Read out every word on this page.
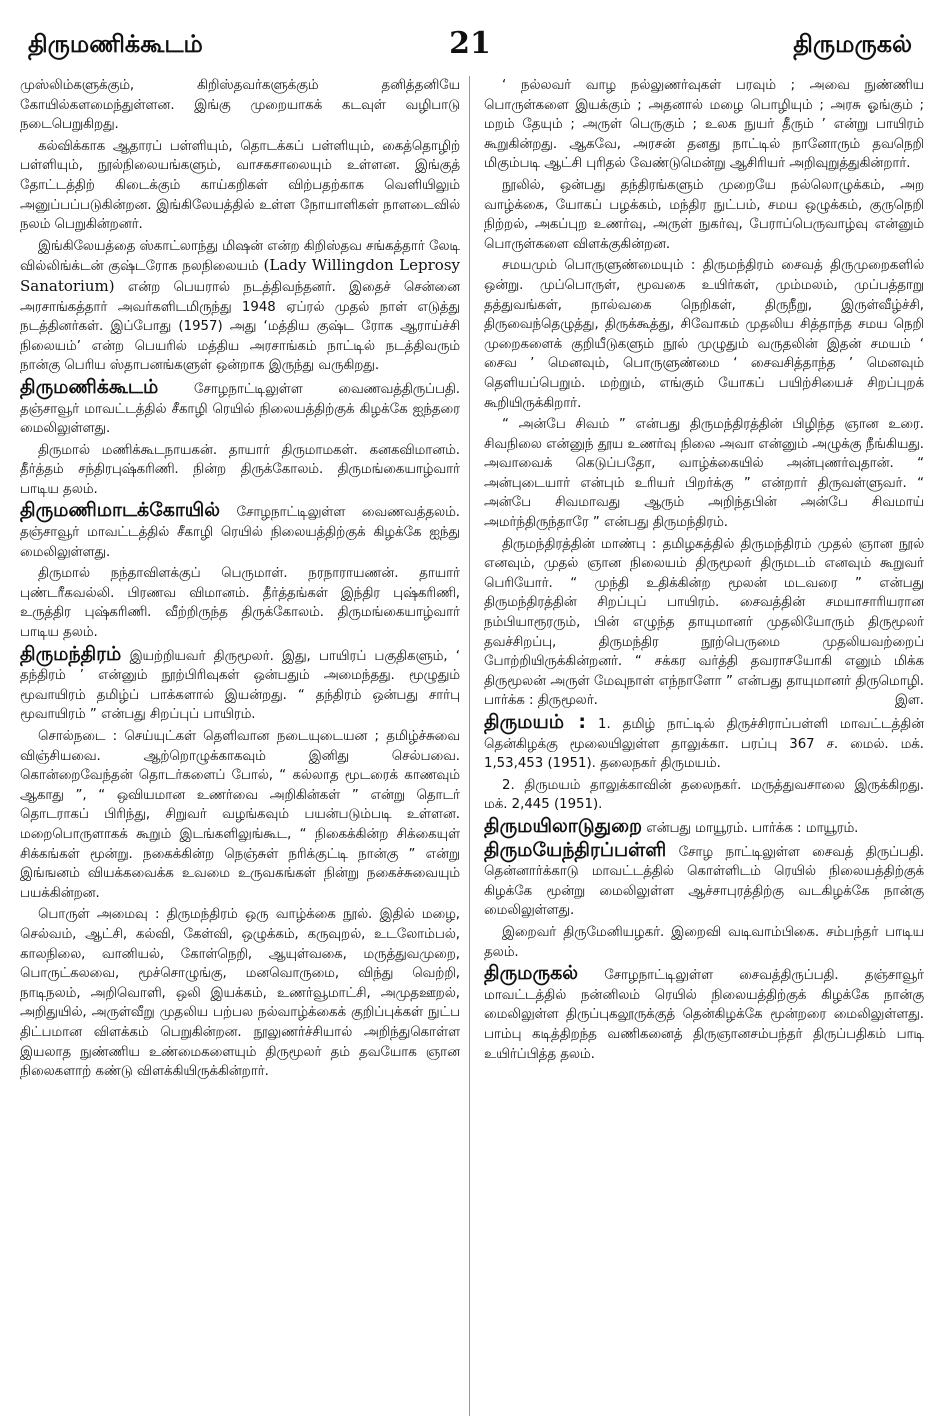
21
திருமணிக்கூடம்	திருமருகல்

முஸ்லிம்களுக்கும், கிறிஸ்தவர்களுக்கும் தனித்தனியே கோயில்களமைந்துள்ளன. இங்கு முறையாகக் கடவுள் வழிபாடு நடைபெறுகிறது.

கல்விக்காக ஆதாரப் பள்ளியும், தொடக்கப் பள்ளியும், கைத்தொழிற் பள்ளியும், நூல்நிலையங்களும், வாசகசாலையும் உள்ளன. இங்குத் தோட்டத்திற் கிடைக்கும் காய்கறிகள் விற்பதற்காக வெளியிலும் அனுப்பப்படுகின்றன. இங்கிலேயத்தில் உள்ள நோயாளிகள் நாளடைவில் நலம் பெறுகின்றனர்.

இங்கிலேயத்தை ஸ்காட்லாந்து மிஷன் என்ற கிறிஸ்தவ சங்கத்தார் லேடி வில்லிங்க்டன் குஷ்டரோக நலநிலையம் (Lady Willingdon Leprosy Sanatorium) என்ற பெயரால் நடத்திவந்தனர். இதைச் சென்னை அரசாங்கத்தார் அவர்களிடமிருந்து 1948 ஏப்ரல் முதல் நாள் எடுத்து நடத்தினர்கள். இப்போது (1957) அது ‘மத்திய குஷ்ட ரோக ஆராய்ச்சி நிலையம்’ என்ற பெயரில் மத்திய அரசாங்கம் நாட்டில் நடத்திவரும் நான்கு பெரிய ஸ்தாபனங்களுள் ஒன்றாக இருந்து வருகிறது.

திருமணிக்கூடம்	சோழநாட்டிலுள்ள வைணவத்திருப்பதி. தஞ்சாவூர் மாவட்டத்தில் சீகாழி ரெயில் நிலையத்திற்குக் கிழக்கே ஐந்தரை மைலிலுள்ளது.

திருமால் மணிக்கூடநாயகன். தாயார் திருமாமகள். கனகவிமானம். தீர்த்தம் சந்திரபுஷ்கரிணி. நின்ற திருக்கோலம். திருமங்கையாழ்வார் பாடிய தலம்.

திருமணிமாடக்கோயில் சோழநாட்டிலுள்ள வைணவத்தலம். தஞ்சாவூர் மாவட்டத்தில் சீகாழி ரெயில் நிலையத்திற்குக் கிழக்கே ஐந்து மைலிலுள்ளது.

திருமால் நந்தாவிளக்குப் பெருமாள். நரநாராயணன். தாயார் புண்டரீகவல்லி. பிரணவ விமானம். தீர்த்தங்கள் இந்திர புஷ்கரிணி, உருத்திர புஷ்கரிணி. வீற்றிருந்த திருக்கோலம். திருமங்கையாழ்வார் பாடிய தலம்.

திருமந்திரம் இயற்றியவர் திருமூலர். இது, பாயிரப் பகுதிகளும், ‘ தந்திரம் ’ என்னும் நூற்பிரிவுகள் ஒன்பதும் அமைந்தது. மூழுதும் மூவாயிரம் தமிழ்ப் பாக்களால் இயன்றது. “ தந்திரம் ஒன்பது சார்பு மூவாயிரம் ” என்பது சிறப்புப் பாயிரம்.

சொல்நடை : செய்யுட்கள் தெளிவான நடையுடையன ; தமிழ்ச்சுவை விஞ்சியவை. ஆற்றொழுக்காகவும் இனிது செல்பவை. கொன்றைவேந்தன் தொடர்களைப் போல், “ கல்லாத மூடரைக் காணவும் ஆகாது ”, “ ஒவியமான உணர்வை அறிகின்கள் ” என்று தொடர் தொடராகப் பிரிந்து, சிறுவர் வழங்கவும் பயன்படும்படி உள்ளன. மறைபொருளாகக் கூறும் இடங்களிலுங்கூட, “ நிகைக்கின்ற சிக்கையுள் சிக்கங்கள் மூன்று. நகைக்கின்ற நெஞ்சுள் நரிக்குட்டி நான்கு ” என்று இங்ஙனம் வியக்கவைக்க உவமை உருவகங்கள் நின்று நகைச்சுவையும் பயக்கின்றன.

பொருள் அமைவு : திருமந்திரம் ஒரு வாழ்க்கை நூல். இதில் மழை, செல்வம், ஆட்சி, கல்வி, கேள்வி, ஒழுக்கம், கருவுறல், உடலோம்பல், காலநிலை, வானியல், கோள்நெறி, ஆயுள்வகை, மருத்துவமுறை, பொருட்கலவை, மூச்சொழுங்கு, மனவொருமை, விந்து வெற்றி, நாடிநலம், அறிவொளி, ஒலி இயக்கம், உணர்வூமாட்சி, அமுதஊறல், அறிதுயில், அருள்வீறு முதலிய பற்பல நல்வாழ்க்கைக் குறிப்புக்கள் நுட்ப திட்பமான விளக்கம் பெறுகின்றன. நூலுணர்ச்சியால் அறிந்துகொள்ள இயலாத நுண்ணிய உண்மைகளையும் திருமூலர் தம் தவயோக ஞான நிலைகளாற் கண்டு விளக்கியிருக்கின்றார்.

‘ நல்லவர் வாழ நல்லுணர்வுகள் பரவும் ; அவை நுண்ணிய பொருள்களை இயக்கும் ; அதனால் மழை பொழியும் ; அரசு ஓங்கும் ; மறம் தேயும் ; அருள் பெருகும் ; உலக நுயர் தீரும் ’ என்று பாயிரம் கூறுகின்றது. ஆகவே, அரசன் தனது நாட்டில் நானோரும் தவநெறி மிகும்படி ஆட்சி புரிதல் வேண்டுமென்று ஆசிரியர் அறிவுறுத்துகின்றார்.

நூலில், ஒன்பது தந்திரங்களும் முறையே நல்லொழுக்கம், அற வாழ்க்கை, யோகப் பழக்கம், மந்திர நுட்பம், சமய ஒழுக்கம், குருநெறி நிற்றல், அகப்புற உணர்வு, அருள் நுகர்வு, பேராப்பெருவாழ்வு என்னும் பொருள்களை விளக்குகின்றன.

சமயமும் பொருளுண்மையும் : திருமந்திரம் சைவத் திருமுறைகளில் ஒன்று. முப்பொருள், மூவகை உயிர்கள், மும்மலம், முப்பத்தாறு தத்துவங்கள், நால்வகை நெறிகள், திருநீறு, இருள்வீழ்ச்சி, திருவைந்தெழுத்து, திருக்கூத்து, சிவோகம் முதலிய சித்தாந்த சமய நெறி முறைகளைக் குறியீடுகளும் நூல் முழுதும் வருதலின் இதன் சமயம் ‘ சைவ ’ மெனவும், பொருளுண்மை ‘ சைவசித்தாந்த ’ மெனவும் தெளியப்பெறும். மற்றும், எங்கும் யோகப் பயிற்சியைச் சிறப்புறக் கூறியிருக்கிறார்.

“ அன்பே சிவம் ” என்பது திருமந்திரத்தின் பிழிந்த ஞான உரை. சிவநிலை என்னுந் தூய உணர்வு நிலை அவா என்னும் அழுக்கு நீங்கியது. அவாவைக் கெடுப்பதோ, வாழ்க்கையில் அன்புணர்வுதான். “ அன்புடையார் என்பும் உரியர் பிறர்க்கு ” என்றார் திருவள்ளுவர். “ அன்பே சிவமாவது ஆரும் அறிந்தபின் அன்பே சிவமாய் அமர்ந்திருந்தாரே ” என்பது திருமந்திரம்.

திருமந்திரத்தின் மாண்பு : தமிழகத்தில் திருமந்திரம் முதல் ஞான நூல் எனவும், முதல் ஞான நிலையம் திருமூலர் திருமடம் எனவும் கூறுவர் பெரியோர். “ முந்தி உதிக்கின்ற மூலன் மடவரை ” என்பது திருமந்திரத்தின் சிறப்புப் பாயிரம். சைவத்தின் சமயாசாரியரான நம்பியாரூரரும், பின் எழுந்த தாயுமானர் முதலியோரும் திருமூலர் தவச்சிறப்பு, திருமந்திர நூற்பெருமை முதலியவற்றைப் போற்றியிருக்கின்றனர். “ சக்கர வர்த்தி தவராசயோகி எனும் மிக்க திருமூலன் அருள் மேவுநாள் எந்நாளோ ” என்பது தாயுமானர் திருமொழி. பார்க்க : திருமூலர்.	இள.

திருமயம் : 1. தமிழ் நாட்டில் திருச்சிராப்பள்ளி மாவட்டத்தின் தென்கிழக்கு மூலையிலுள்ள தாலுக்கா. பரப்பு 367 ச. மைல். மக். 1,53,453 (1951). தலைநகர் திருமயம்.

2. திருமயம் தாலுக்காவின் தலைநகர். மருத்துவசாலை இருக்கிறது. மக். 2,445 (1951).

திருமயிலாடுதுறை என்பது மாயூரம். பார்க்க : மாயூரம்.

திருமயேந்திரப்பள்ளி சோழ நாட்டிலுள்ள சைவத் திருப்பதி. தென்னார்க்காடு மாவட்டத்தில் கொள்ளிடம் ரெயில் நிலையத்திற்குக் கிழக்கே மூன்று மைலிலுள்ள ஆச்சாபுரத்திற்கு வடகிழக்கே நான்கு மைலிலுள்ளது.

இறைவர் திருமேனியழகர். இறைவி வடிவாம்பிகை. சம்பந்தர் பாடிய தலம்.

திருமருகல் சோழநாட்டிலுள்ள சைவத்திருப்பதி. தஞ்சாவூர் மாவட்டத்தில் நன்னிலம் ரெயில் நிலையத்திற்குக் கிழக்கே நான்கு மைலிலுள்ள திருப்புகலூருக்குத் தென்கிழக்கே மூன்றரை மைலிலுள்ளது. பாம்பு கடித்திறந்த வணிகனைத் திருஞானசம்பந்தர் திருப்பதிகம் பாடி உயிர்ப்பித்த தலம்.
